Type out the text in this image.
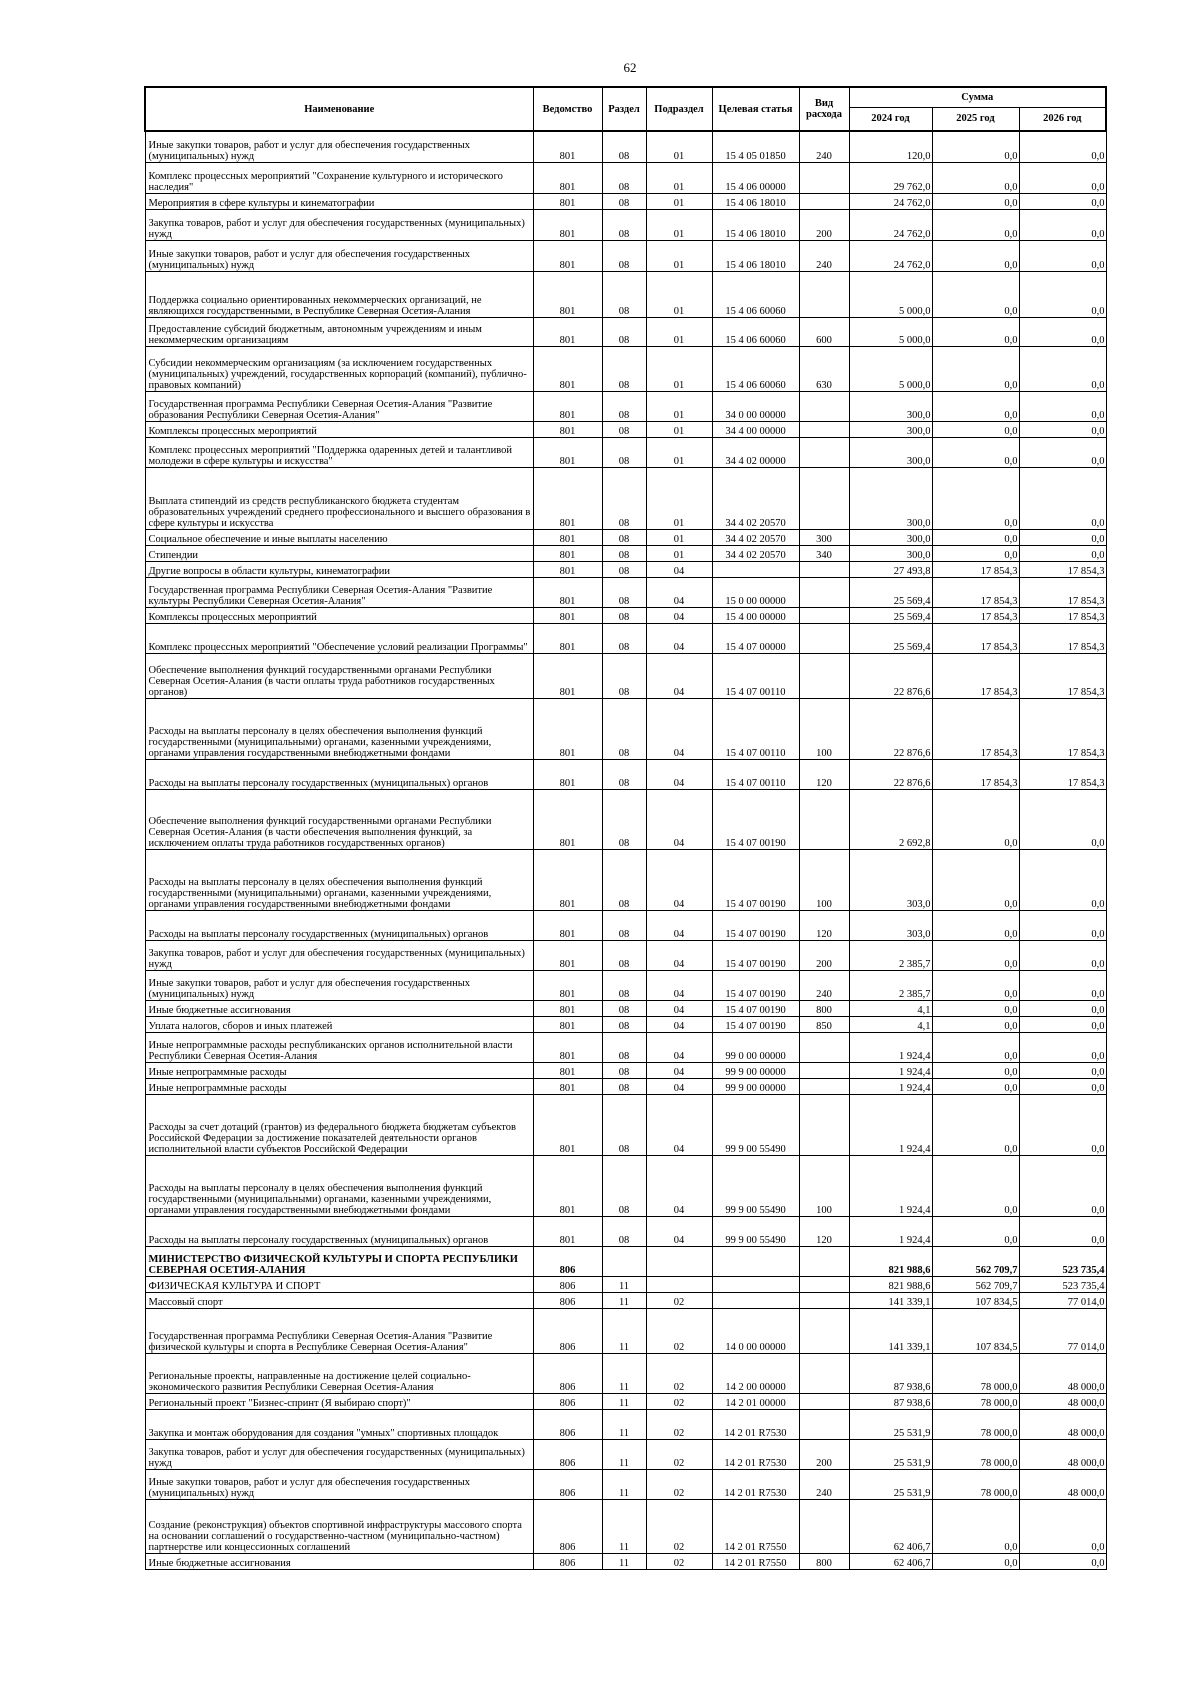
62
Наименование	Ведомство	Раздел	Подраздел	Целевая статья	Вид расхода	Сумма		
						2024 год	2025 год	2026 год
Иные закупки товаров, работ и услуг для обеспечения государственных (муниципальных) нужд	801	08	01	15 4 05 01850	240	120,0	0,0	0,0
Комплекс процессных мероприятий "Сохранение культурного и исторического наследия"	801	08	01	15 4 06 00000		29 762,0	0,0	0,0
Мероприятия в сфере культуры и кинематографии	801	08	01	15 4 06 18010		24 762,0	0,0	0,0
Закупка товаров, работ и услуг для обеспечения государственных (муниципальных) нужд	801	08	01	15 4 06 18010	200	24 762,0	0,0	0,0
Иные закупки товаров, работ и услуг для обеспечения государственных (муниципальных) нужд	801	08	01	15 4 06 18010	240	24 762,0	0,0	0,0
Поддержка социально ориентированных некоммерческих организаций, не являющихся государственными, в Республике Северная Осетия-Алания	801	08	01	15 4 06 60060		5 000,0	0,0	0,0
Предоставление субсидий бюджетным, автономным учреждениям и иным некоммерческим организациям	801	08	01	15 4 06 60060	600	5 000,0	0,0	0,0
Субсидии некоммерческим организациям (за исключением государственных (муниципальных) учреждений, государственных корпораций (компаний), публично-правовых компаний)	801	08	01	15 4 06 60060	630	5 000,0	0,0	0,0
Государственная программа Республики Северная Осетия-Алания "Развитие образования Республики Северная Осетия-Алания"	801	08	01	34 0 00 00000		300,0	0,0	0,0
Комплексы процессных мероприятий	801	08	01	34 4 00 00000		300,0	0,0	0,0
Комплекс процессных мероприятий "Поддержка одаренных детей и талантливой молодежи в сфере культуры и искусства"	801	08	01	34 4 02 00000		300,0	0,0	0,0
Выплата стипендий из средств республиканского бюджета студентам образовательных учреждений среднего профессионального и высшего образования в сфере культуры и искусства	801	08	01	34 4 02 20570		300,0	0,0	0,0
Социальное обеспечение и иные выплаты населению	801	08	01	34 4 02 20570	300	300,0	0,0	0,0
Стипендии	801	08	01	34 4 02 20570	340	300,0	0,0	0,0
Другие вопросы в области культуры, кинематографии	801	08	04			27 493,8	17 854,3	17 854,3
Государственная программа Республики Северная Осетия-Алания "Развитие культуры Республики Северная Осетия-Алания"	801	08	04	15 0 00 00000		25 569,4	17 854,3	17 854,3
Комплексы процессных мероприятий	801	08	04	15 4 00 00000		25 569,4	17 854,3	17 854,3
Комплекс процессных мероприятий "Обеспечение условий реализации Программы"	801	08	04	15 4 07 00000		25 569,4	17 854,3	17 854,3
Обеспечение выполнения функций государственными органами Республики Северная Осетия-Алания (в части оплаты труда работников государственных органов)	801	08	04	15 4 07 00110		22 876,6	17 854,3	17 854,3
Расходы на выплаты персоналу в целях обеспечения выполнения функций государственными (муниципальными) органами, казенными учреждениями, органами управления государственными внебюджетными фондами	801	08	04	15 4 07 00110	100	22 876,6	17 854,3	17 854,3
Расходы на выплаты персоналу государственных (муниципальных) органов	801	08	04	15 4 07 00110	120	22 876,6	17 854,3	17 854,3
Обеспечение выполнения функций государственными органами Республики Северная Осетия-Алания (в части обеспечения выполнения функций, за исключением оплаты труда работников государственных органов)	801	08	04	15 4 07 00190		2 692,8	0,0	0,0
Расходы на выплаты персоналу в целях обеспечения выполнения функций государственными (муниципальными) органами, казенными учреждениями, органами управления государственными внебюджетными фондами	801	08	04	15 4 07 00190	100	303,0	0,0	0,0
Расходы на выплаты персоналу государственных (муниципальных) органов	801	08	04	15 4 07 00190	120	303,0	0,0	0,0
Закупка товаров, работ и услуг для обеспечения государственных (муниципальных) нужд	801	08	04	15 4 07 00190	200	2 385,7	0,0	0,0
Иные закупки товаров, работ и услуг для обеспечения государственных (муниципальных) нужд	801	08	04	15 4 07 00190	240	2 385,7	0,0	0,0
Иные бюджетные ассигнования	801	08	04	15 4 07 00190	800	4,1	0,0	0,0
Уплата налогов, сборов и иных платежей	801	08	04	15 4 07 00190	850	4,1	0,0	0,0
Иные непрограммные расходы республиканских органов исполнительной власти Республики Северная Осетия-Алания	801	08	04	99 0 00 00000		1 924,4	0,0	0,0
Иные непрограммные расходы	801	08	04	99 9 00 00000		1 924,4	0,0	0,0
Иные непрограммные расходы	801	08	04	99 9 00 00000		1 924,4	0,0	0,0
Расходы за счет дотаций (грантов) из федерального бюджета бюджетам субъектов Российской Федерации за достижение показателей деятельности органов исполнительной власти субъектов Российской Федерации	801	08	04	99 9 00 55490		1 924,4	0,0	0,0
Расходы на выплаты персоналу в целях обеспечения выполнения функций государственными (муниципальными) органами, казенными учреждениями, органами управления государственными внебюджетными фондами	801	08	04	99 9 00 55490	100	1 924,4	0,0	0,0
Расходы на выплаты персоналу государственных (муниципальных) органов	801	08	04	99 9 00 55490	120	1 924,4	0,0	0,0
МИНИСТЕРСТВО ФИЗИЧЕСКОЙ КУЛЬТУРЫ И СПОРТА РЕСПУБЛИКИ СЕВЕРНАЯ ОСЕТИЯ-АЛАНИЯ	806					821 988,6	562 709,7	523 735,4
ФИЗИЧЕСКАЯ КУЛЬТУРА И СПОРТ	806	11				821 988,6	562 709,7	523 735,4
Массовый спорт	806	11	02			141 339,1	107 834,5	77 014,0
Государственная программа Республики Северная Осетия-Алания "Развитие физической культуры и спорта в Республике Северная Осетия-Алания"	806	11	02	14 0 00 00000		141 339,1	107 834,5	77 014,0
Региональные проекты, направленные на достижение целей социально-экономического развития Республики Северная Осетия-Алания	806	11	02	14 2 00 00000		87 938,6	78 000,0	48 000,0
Региональный проект "Бизнес-спринт (Я выбираю спорт)"	806	11	02	14 2 01 00000		87 938,6	78 000,0	48 000,0
Закупка и монтаж оборудования для создания "умных" спортивных площадок	806	11	02	14 2 01 R7530		25 531,9	78 000,0	48 000,0
Закупка товаров, работ и услуг для обеспечения государственных (муниципальных) нужд	806	11	02	14 2 01 R7530	200	25 531,9	78 000,0	48 000,0
Иные закупки товаров, работ и услуг для обеспечения государственных (муниципальных) нужд	806	11	02	14 2 01 R7530	240	25 531,9	78 000,0	48 000,0
Создание (реконструкция) объектов спортивной инфраструктуры массового спорта на основании соглашений о государственно-частном (муниципально-частном) партнерстве или концессионных соглашений	806	11	02	14 2 01 R7550		62 406,7	0,0	0,0
Иные бюджетные ассигнования	806	11	02	14 2 01 R7550	800	62 406,7	0,0	0,0
